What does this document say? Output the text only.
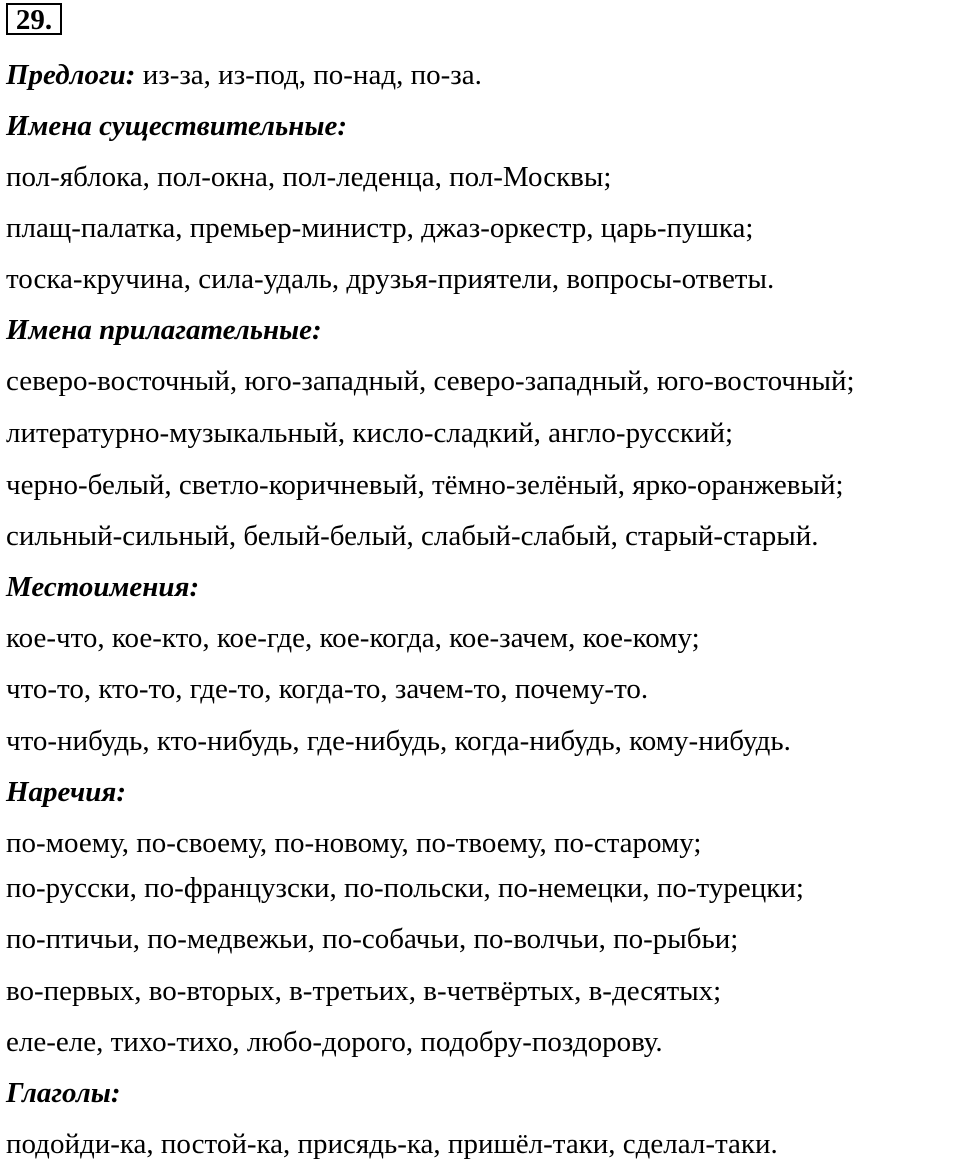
29.
Предлоги: из-за, из-под, по-над, по-за.
Имена существительные:
пол-яблока, пол-окна, пол-леденца, пол-Москвы;
плащ-палатка, премьер-министр, джаз-оркестр, царь-пушка;
тоска-кручина, сила-удаль, друзья-приятели, вопросы-ответы.
Имена прилагательные:
северо-восточный, юго-западный, северо-западный, юго-восточный;
литературно-музыкальный, кисло-сладкий, англо-русский;
черно-белый, светло-коричневый, тёмно-зелёный, ярко-оранжевый;
сильный-сильный, белый-белый, слабый-слабый, старый-старый.
Местоимения:
кое-что, кое-кто, кое-где, кое-когда, кое-зачем, кое-кому;
что-то, кто-то, где-то, когда-то, зачем-то, почему-то.
что-нибудь, кто-нибудь, где-нибудь, когда-нибудь, кому-нибудь.
Наречия:
по-моему, по-своему, по-новому, по-твоему, по-старому;
по-русски, по-французски, по-польски, по-немецки, по-турецки;
по-птичьи, по-медвежьи, по-собачьи, по-волчьи, по-рыбьи;
во-первых, во-вторых, в-третьих, в-четвёртых, в-десятых;
еле-еле, тихо-тихо, любо-дорого, подобру-поздорову.
Глаголы:
подойди-ка, постой-ка, присядь-ка, пришёл-таки, сделал-таки.
